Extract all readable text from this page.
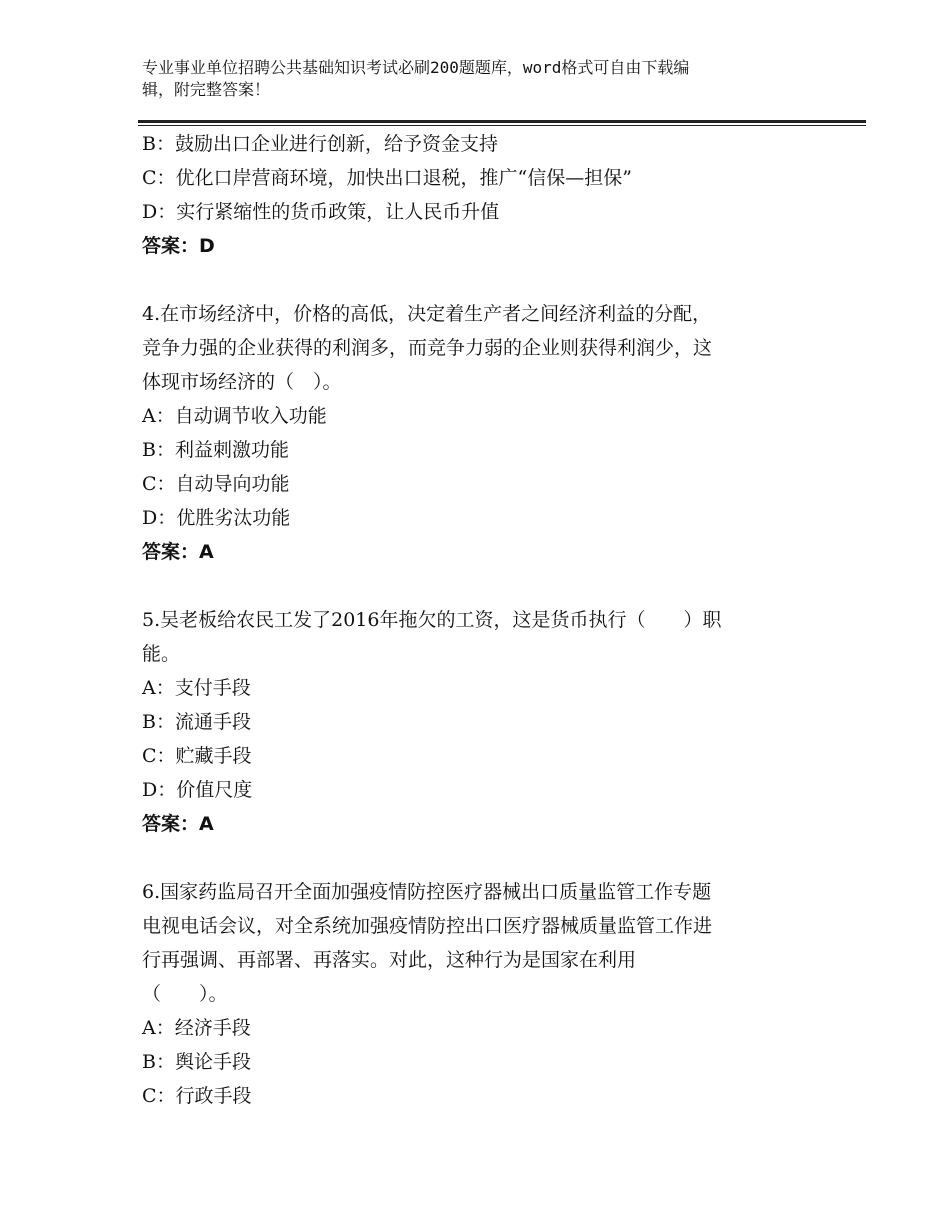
专业事业单位招聘公共基础知识考试必刷200题题库，word格式可自由下载编
辑，附完整答案！
B：鼓励出口企业进行创新，给予资金支持
C：优化口岸营商环境，加快出口退税，推广“信保—担保”
D：实行紧缩性的货币政策，让人民币升值
答案：D
4.在市场经济中，价格的高低，决定着生产者之间经济利益的分配，
竞争力强的企业获得的利润多，而竞争力弱的企业则获得利润少，这
体现市场经济的（　）。
A：自动调节收入功能
B：利益刺激功能
C：自动导向功能
D：优胜劣汰功能
答案：A
5.吴老板给农民工发了2016年拖欠的工资，这是货币执行（　　）职
能。
A：支付手段
B：流通手段
C：贮藏手段
D：价值尺度
答案：A
6.国家药监局召开全面加强疫情防控医疗器械出口质量监管工作专题
电视电话会议，对全系统加强疫情防控出口医疗器械质量监管工作进
行再强调、再部署、再落实。对此，这种行为是国家在利用
（　　）。
A：经济手段
B：舆论手段
C：行政手段
